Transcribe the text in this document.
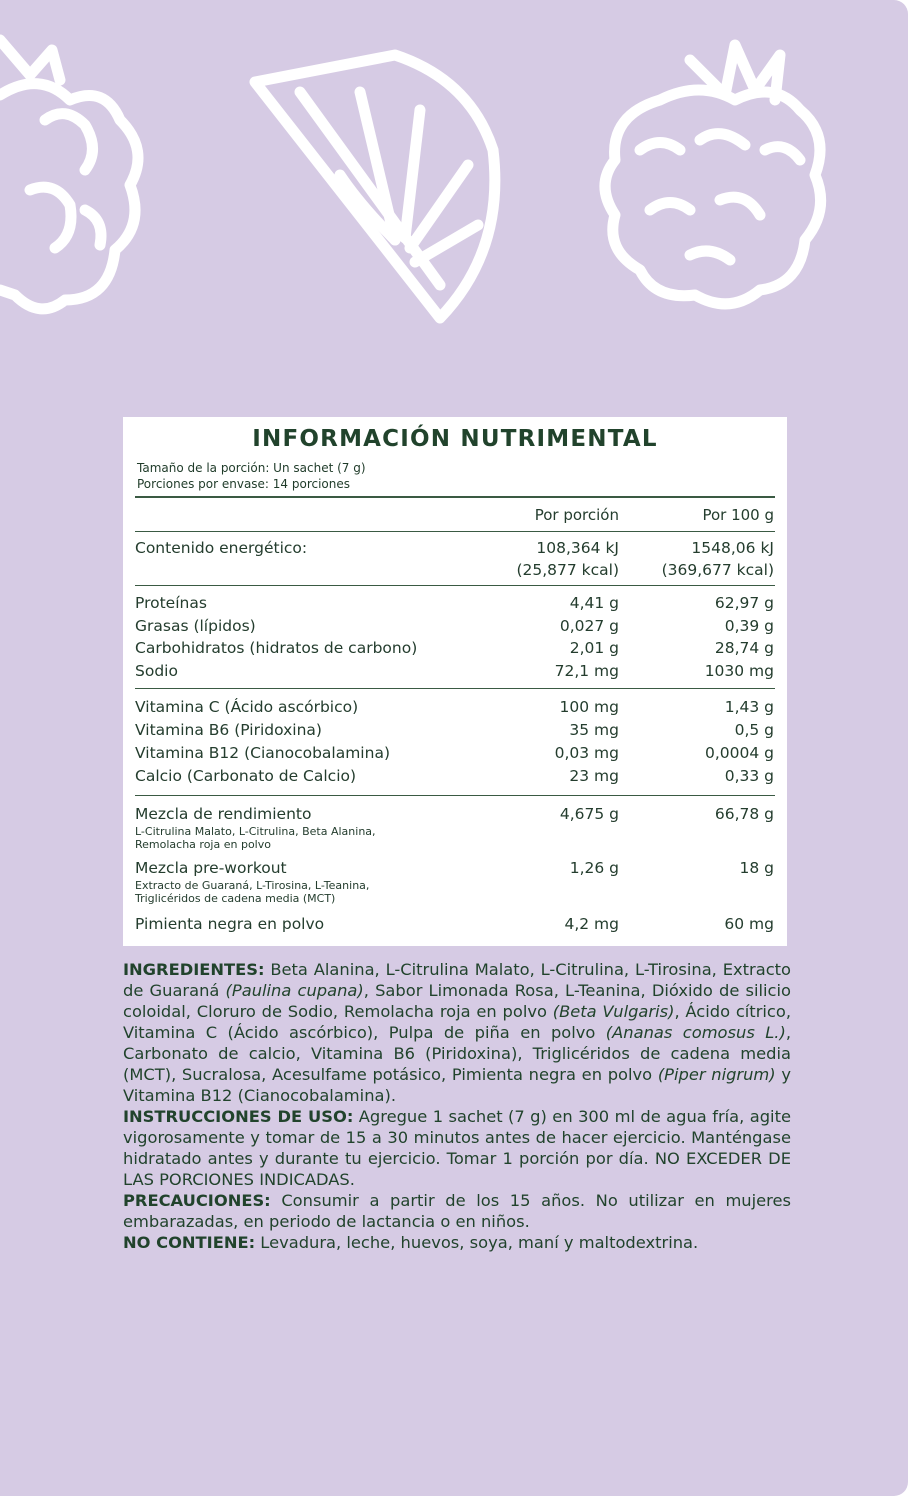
INFORMACIÓN NUTRIMENTAL
Tamaño de la porción: Un sachet (7 g)
Porciones por envase: 14 porciones
Por porción	Por 100 g
Contenido energético:	108,364 kJ	1548,06 kJ
(25,877 kcal)	(369,677 kcal)
Proteínas	4,41 g	62,97 g
Grasas (lípidos)	0,027 g	0,39 g
Carbohidratos (hidratos de carbono)	2,01 g	28,74 g
Sodio	72,1 mg	1030 mg
Vitamina C (Ácido ascórbico)	100 mg	1,43 g
Vitamina B6 (Piridoxina)	35 mg	0,5 g
Vitamina B12 (Cianocobalamina)	0,03 mg	0,0004 g
Calcio (Carbonato de Calcio)	23 mg	0,33 g
Mezcla de rendimiento
L-Citrulina Malato, L-Citrulina, Beta Alanina, Remolacha roja en polvo
4,675 g	66,78 g
Mezcla pre-workout
Extracto de Guaraná, L-Tirosina, L-Teanina, Triglicéridos de cadena media (MCT)
1,26 g	18 g
Pimienta negra en polvo	4,2 mg	60 mg

INGREDIENTES: Beta Alanina, L-Citrulina Malato, L-Citrulina, L-Tirosina, Extracto de Guaraná (Paulina cupana), Sabor Limonada Rosa, L-Teanina, Dióxido de silicio coloidal, Cloruro de Sodio, Remolacha roja en polvo (Beta Vulgaris), Ácido cítrico, Vitamina C (Ácido ascórbico), Pulpa de piña en polvo (Ananas comosus L.), Carbonato de calcio, Vitamina B6 (Piridoxina), Triglicéridos de cadena media (MCT), Sucralosa, Acesulfame potásico, Pimienta negra en polvo (Piper nigrum) y Vitamina B12 (Cianocobalamina).

INSTRUCCIONES DE USO: Agregue 1 sachet (7 g) en 300 ml de agua fría, agite vigorosamente y tomar de 15 a 30 minutos antes de hacer ejercicio. Manténgase hidratado antes y durante tu ejercicio. Tomar 1 porción por día. NO EXCEDER DE LAS PORCIONES INDICADAS.

PRECAUCIONES: Consumir a partir de los 15 años. No utilizar en mujeres embarazadas, en periodo de lactancia o en niños.

NO CONTIENE: Levadura, leche, huevos, soya, maní y maltodextrina.
